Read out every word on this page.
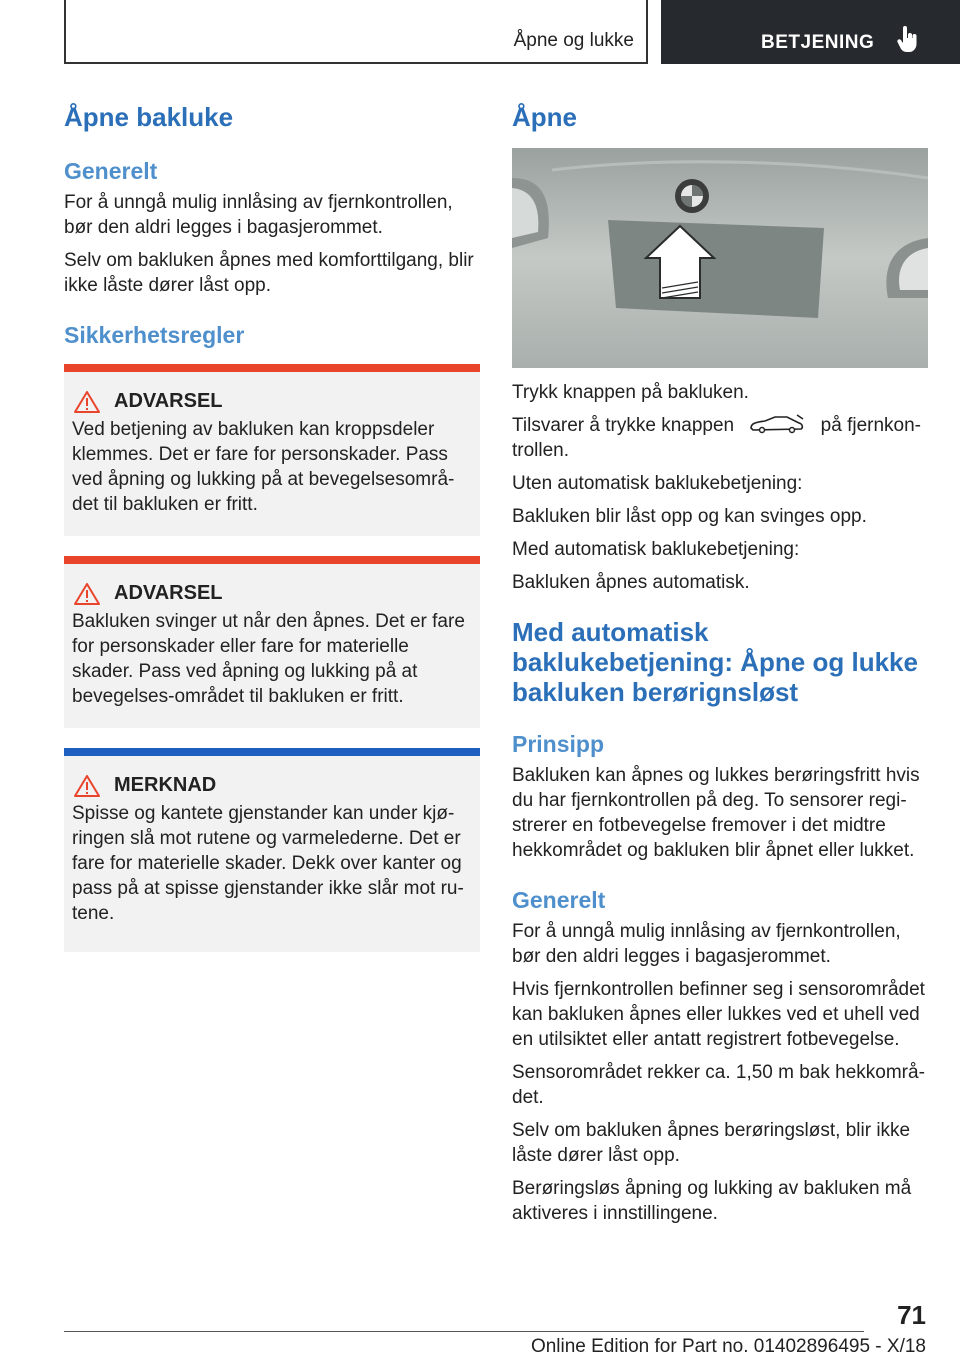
Åpne og lukke	BETJENING
Åpne bakluke
Generelt

For å unngå mulig innlåsing av fjernkontrollen, bør den aldri legges i bagasjerommet.

Selv om bakluken åpnes med komforttilgang, blir ikke låste dører låst opp.

Sikkerhetsregler
ADVARSEL

Ved betjening av bakluken kan kroppsdeler klemmes. Det er fare for personskader. Pass ved åpning og lukking på at bevegelsesområ-det til bakluken er fritt.

ADVARSEL

Bakluken svinger ut når den åpnes. Det er fare for personskader eller fare for materielle skader. Pass ved åpning og lukking på at bevegelses-området til bakluken er fritt.

MERKNAD

Spisse og kantete gjenstander kan under kjø-ringen slå mot rutene og varmelederne. Det er fare for materielle skader. Dekk over kanter og pass på at spisse gjenstander ikke slår mot ru-tene.

Åpne

Trykk knappen på bakluken.

Tilsvarer å trykke knappen	på fjernkon-trollen.

Uten automatisk baklukebetjening:

Bakluken blir låst opp og kan svinges opp.

Med automatisk baklukebetjening:

Bakluken åpnes automatisk.

Med automatisk baklukebetjening: Åpne og lukke bakluken berørignsløst
Prinsipp

Bakluken kan åpnes og lukkes berøringsfritt hvis du har fjernkontrollen på deg. To sensorer regi-strerer en fotbevegelse fremover i det midtre hekkområdet og bakluken blir åpnet eller lukket.

Generelt

For å unngå mulig innlåsing av fjernkontrollen, bør den aldri legges i bagasjerommet.

Hvis fjernkontrollen befinner seg i sensorområdet kan bakluken åpnes eller lukkes ved et uhell ved en utilsiktet eller antatt registrert fotbevegelse.

Sensorområdet rekker ca. 1,50 m bak hekkområ-det.

Selv om bakluken åpnes berøringsløst, blir ikke låste dører låst opp.

Berøringsløs åpning og lukking av bakluken må aktiveres i innstillingene.

71
Online Edition for Part no. 01402896495 - X/18
